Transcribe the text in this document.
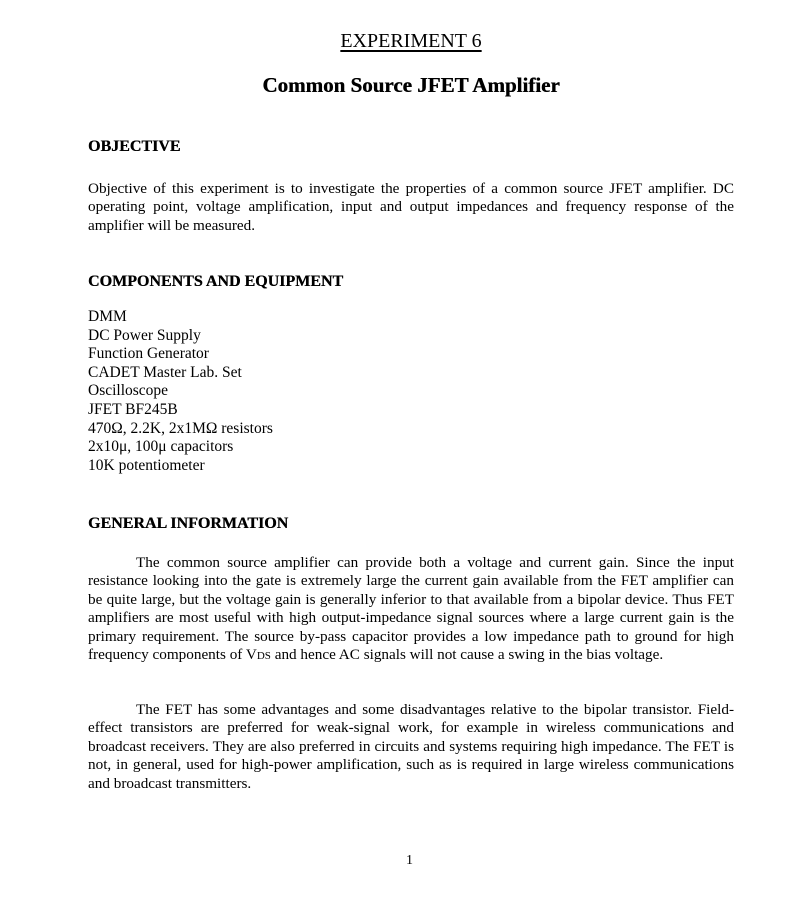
EXPERIMENT 6
Common Source JFET Amplifier
OBJECTIVE

Objective of this experiment is to investigate the properties of a common source JFET amplifier. DC operating point, voltage amplification, input and output impedances and frequency response of the amplifier will be measured.

COMPONENTS AND EQUIPMENT
DMM
DC Power Supply
Function Generator
CADET Master Lab. Set
Oscilloscope
JFET BF245B
470Ω, 2.2K, 2x1MΩ resistors
2x10μ, 100μ capacitors
10K potentiometer
GENERAL INFORMATION

The common source amplifier can provide both a voltage and current gain. Since the input resistance looking into the gate is extremely large the current gain available from the FET amplifier can be quite large, but the voltage gain is generally inferior to that available from a bipolar device. Thus FET amplifiers are most useful with high output-impedance signal sources where a large current gain is the primary requirement. The source by-pass capacitor provides a low impedance path to ground for high frequency components of VDS and hence AC signals will not cause a swing in the bias voltage.

The FET has some advantages and some disadvantages relative to the bipolar transistor. Field-effect transistors are preferred for weak-signal work, for example in wireless communications and broadcast receivers. They are also preferred in circuits and systems requiring high impedance. The FET is not, in general, used for high-power amplification, such as is required in large wireless communications and broadcast transmitters.

1
